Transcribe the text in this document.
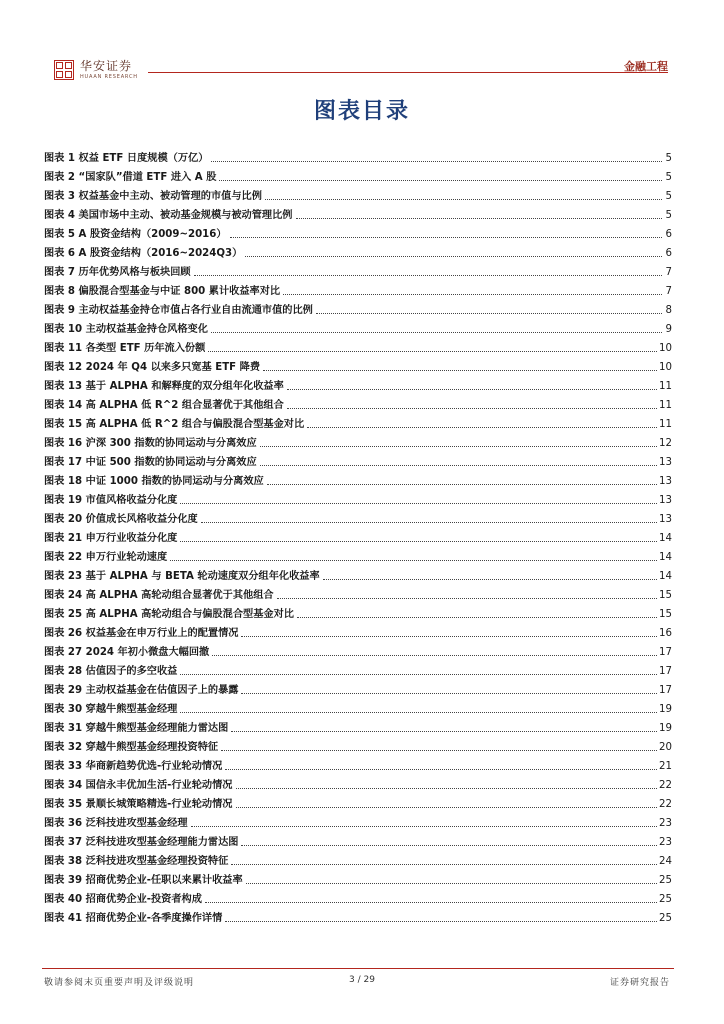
华安证券
HUAAN RESEARCH
金融工程
图表目录
图表 1 权益 ETF 日度规模（万亿）	5
图表 2 “国家队”借道 ETF 进入 A 股	5
图表 3 权益基金中主动、被动管理的市值与比例	5
图表 4 美国市场中主动、被动基金规模与被动管理比例	5
图表 5 A 股资金结构（2009~2016）	6
图表 6 A 股资金结构（2016~2024Q3）	6
图表 7 历年优势风格与板块回顾	7
图表 8 偏股混合型基金与中证 800 累计收益率对比	7
图表 9 主动权益基金持仓市值占各行业自由流通市值的比例	8
图表 10 主动权益基金持仓风格变化	9
图表 11 各类型 ETF 历年流入份额	10
图表 12 2024 年 Q4 以来多只宽基 ETF 降费	10
图表 13 基于 ALPHA 和解释度的双分组年化收益率	11
图表 14 高 ALPHA 低 R^2 组合显著优于其他组合	11
图表 15 高 ALPHA 低 R^2 组合与偏股混合型基金对比	11
图表 16 沪深 300 指数的协同运动与分离效应	12
图表 17 中证 500 指数的协同运动与分离效应	13
图表 18 中证 1000 指数的协同运动与分离效应	13
图表 19 市值风格收益分化度	13
图表 20 价值成长风格收益分化度	13
图表 21 申万行业收益分化度	14
图表 22 申万行业轮动速度	14
图表 23 基于 ALPHA 与 BETA 轮动速度双分组年化收益率	14
图表 24 高 ALPHA 高轮动组合显著优于其他组合	15
图表 25 高 ALPHA 高轮动组合与偏股混合型基金对比	15
图表 26 权益基金在申万行业上的配置情况	16
图表 27 2024 年初小微盘大幅回撤	17
图表 28 估值因子的多空收益	17
图表 29 主动权益基金在估值因子上的暴露	17
图表 30 穿越牛熊型基金经理	19
图表 31 穿越牛熊型基金经理能力雷达图	19
图表 32 穿越牛熊型基金经理投资特征	20
图表 33 华商新趋势优选-行业轮动情况	21
图表 34 国信永丰优加生活-行业轮动情况	22
图表 35 景顺长城策略精选-行业轮动情况	22
图表 36 泛科技进攻型基金经理	23
图表 37 泛科技进攻型基金经理能力雷达图	23
图表 38 泛科技进攻型基金经理投资特征	24
图表 39 招商优势企业-任职以来累计收益率	25
图表 40 招商优势企业-投资者构成	25
图表 41 招商优势企业-各季度操作详情	25
敬请参阅末页重要声明及评级说明	3 / 29	证券研究报告
